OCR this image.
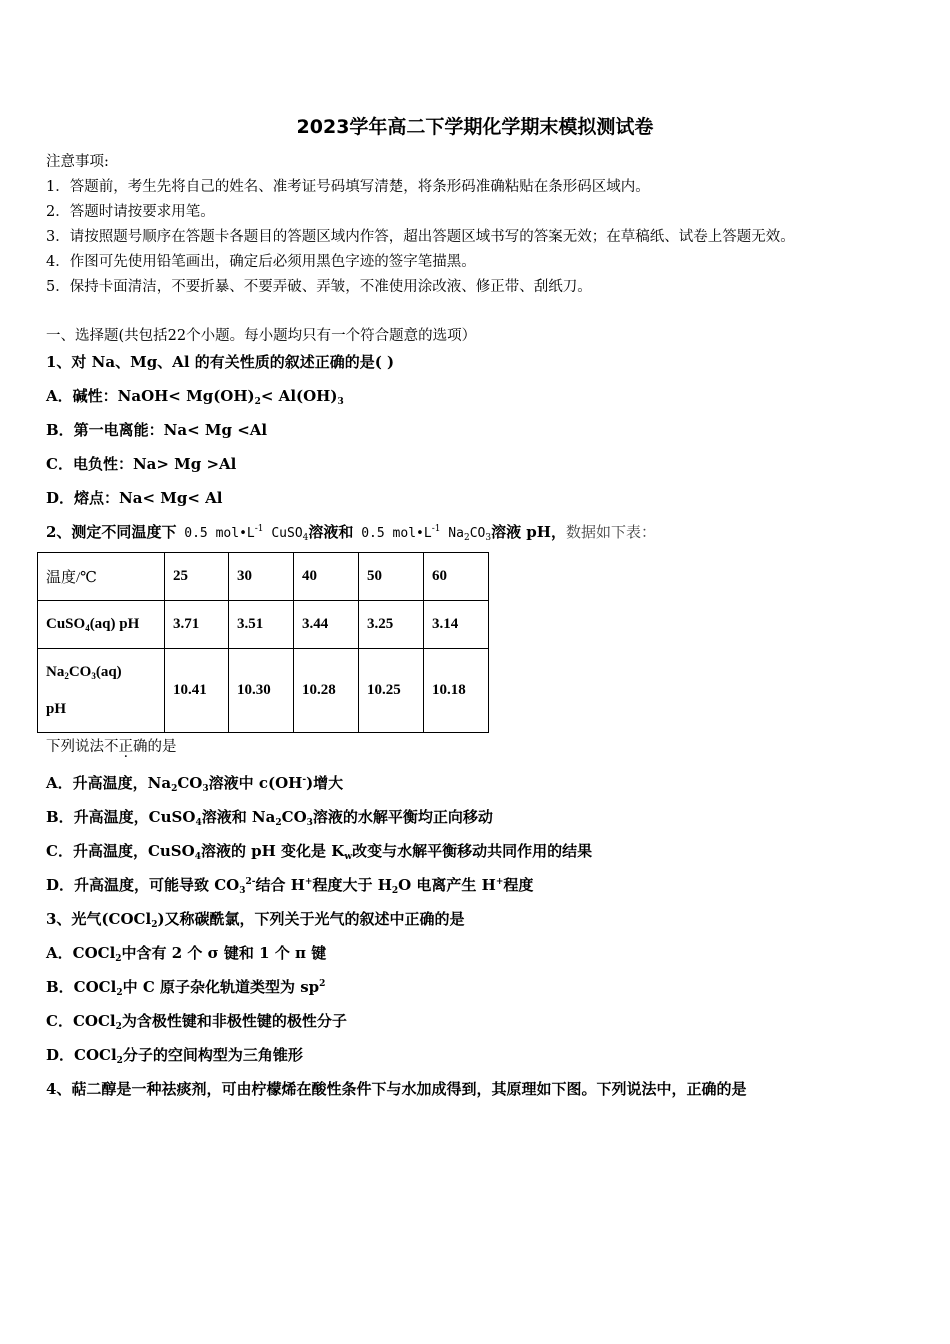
2023学年高二下学期化学期末模拟测试卷
注意事项:
1．答题前，考生先将自己的姓名、准考证号码填写清楚，将条形码准确粘贴在条形码区域内。
2．答题时请按要求用笔。
3．请按照题号顺序在答题卡各题目的答题区域内作答，超出答题区域书写的答案无效；在草稿纸、试卷上答题无效。
4．作图可先使用铅笔画出，确定后必须用黑色字迹的签字笔描黑。
5．保持卡面清洁，不要折暴、不要弄破、弄皱，不准使用涂改液、修正带、刮纸刀。
一、选择题(共包括22个小题。每小题均只有一个符合题意的选项）
1、对 Na、Mg、Al 的有关性质的叙述正确的是( )
A．碱性：NaOH< $Mg(OH)_2< Al(OH)_3$
B．第一电离能：Na< Mg <Al
C．电负性：Na> Mg >Al
D．熔点：Na< Mg< Al
2、测定不同温度下 0.5 $mol•L^{-1}$ CuSO$_4$溶液和 0.5 $mol•L^{-1}$ $Na_2CO_3$溶液 pH，数据如下表：
温度/℃	25	30	40	50	60
CuSO$_4$(aq) pH	3.71	3.51	3.44	3.25	3.14
$Na_2CO_3(aq)$
pH	10.41	10.30	10.28	10.25	10.18
下列说法不正确的是
A．升高温度，$Na_2CO_3$溶液中 c(OH-)增大
B．升高温度，CuSO$_4$溶液和 $Na_2CO_3$溶液的水解平衡均正向移动
C．升高温度，CuSO$_4$溶液的 pH 变化是 $K_w$改变与水解平衡移动共同作用的结果
D．升高温度，可能导致 $CO_3^{2-}$结合 H+程度大于 $H_2O$ 电离产生 H+程度
3、光气(COCl$_2$)又称碳酰氯，下列关于光气的叙述中正确的是
A．COCl$_2$中含有 2 个 σ 键和 1 个 π 键
B．COCl$_2$中 C 原子杂化轨道类型为 $sp^2$
C．COCl$_2$为含极性键和非极性键的极性分子
D．COCl$_2$分子的空间构型为三角锥形
4、萜二醇是一种祛痰剂，可由柠檬烯在酸性条件下与水加成得到，其原理如下图。下列说法中，正确的是
